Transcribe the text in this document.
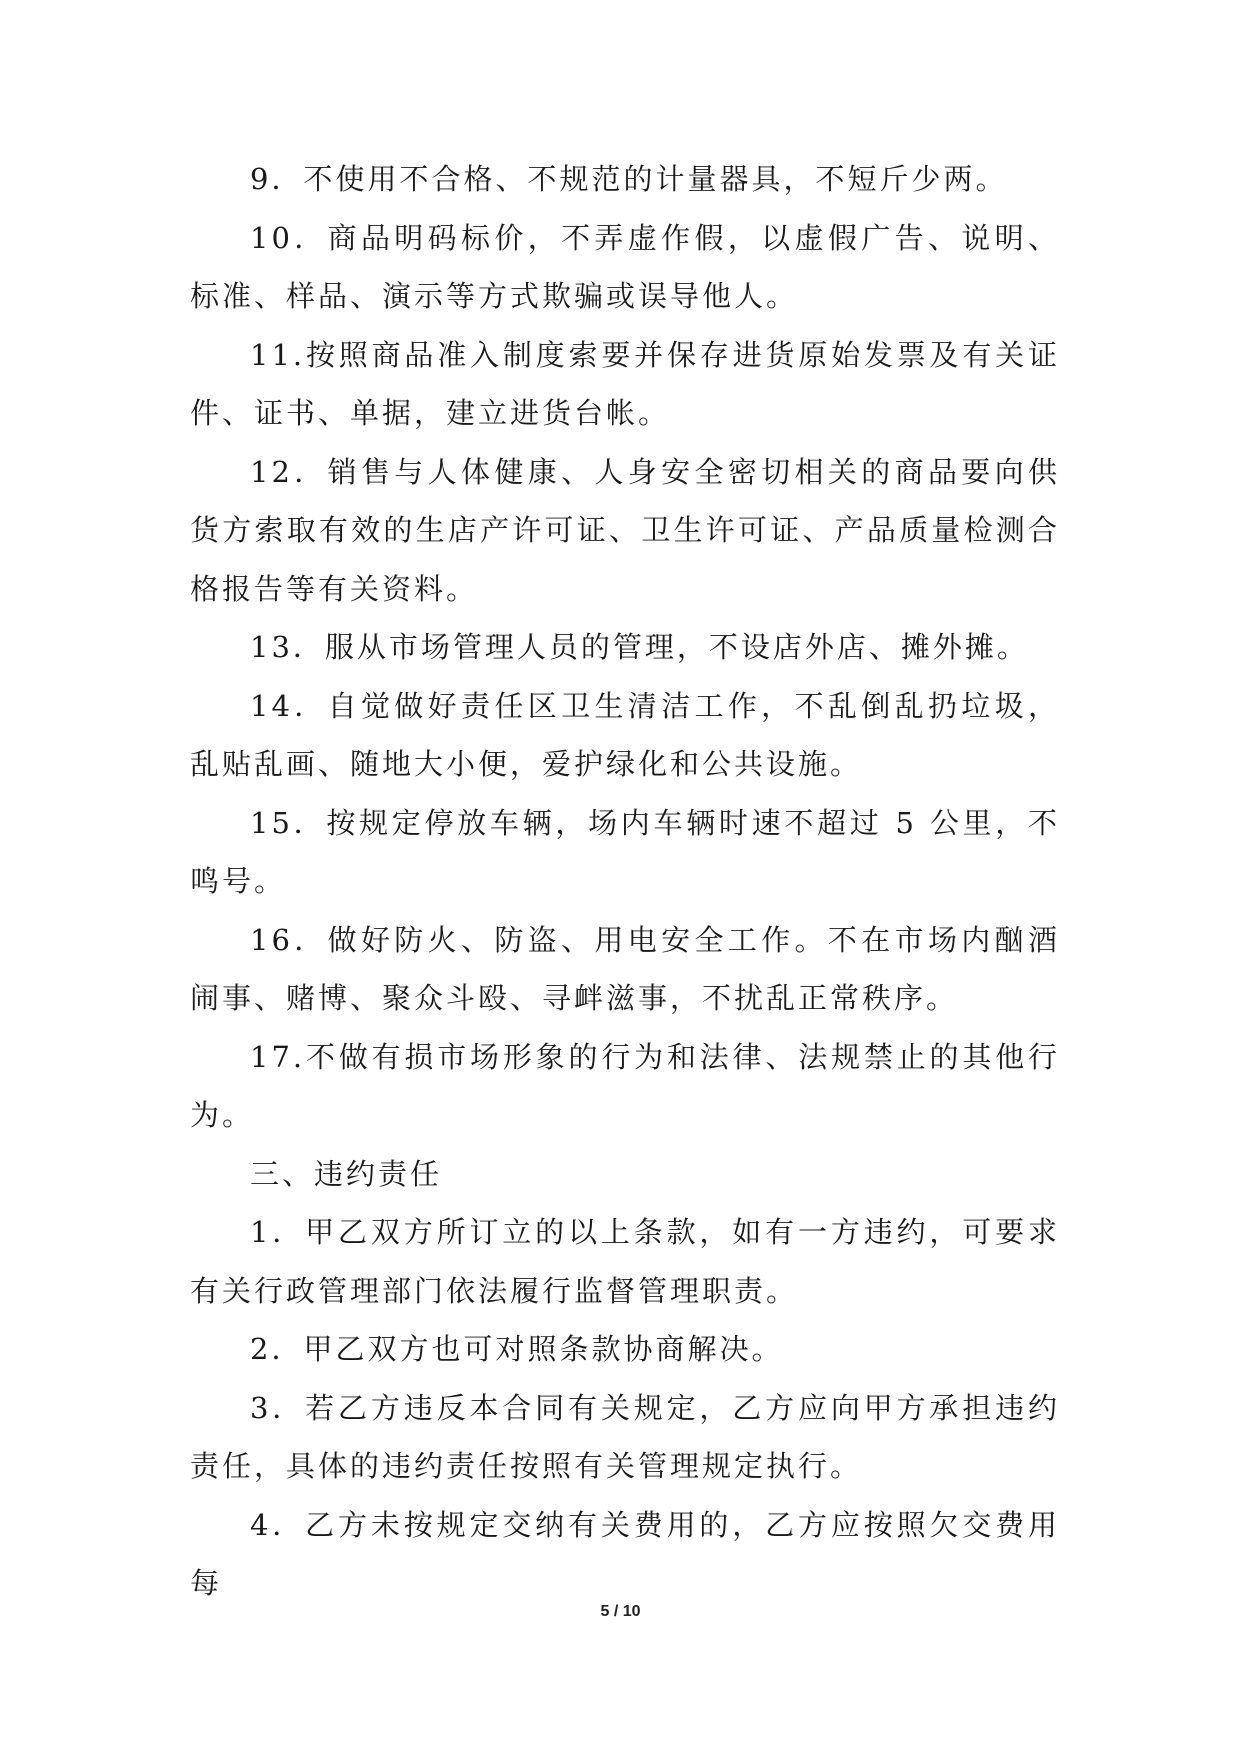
9．不使用不合格、不规范的计量器具，不短斤少两。

10．商品明码标价，不弄虚作假，以虚假广告、说明、标准、样品、演示等方式欺骗或误导他人。

11.按照商品准入制度索要并保存进货原始发票及有关证件、证书、单据，建立进货台帐。

12．销售与人体健康、人身安全密切相关的商品要向供货方索取有效的生店产许可证、卫生许可证、产品质量检测合格报告等有关资料。

13．服从市场管理人员的管理，不设店外店、摊外摊。

14．自觉做好责任区卫生清洁工作，不乱倒乱扔垃圾，乱贴乱画、随地大小便，爱护绿化和公共设施。

15．按规定停放车辆，场内车辆时速不超过 5 公里，不鸣号。

16．做好防火、防盗、用电安全工作。不在市场内酗酒闹事、赌博、聚众斗殴、寻衅滋事，不扰乱正常秩序。

17.不做有损市场形象的行为和法律、法规禁止的其他行为。

三、违约责任

1．甲乙双方所订立的以上条款，如有一方违约，可要求有关行政管理部门依法履行监督管理职责。

2．甲乙双方也可对照条款协商解决。

3．若乙方违反本合同有关规定，乙方应向甲方承担违约责任，具体的违约责任按照有关管理规定执行。

4．乙方未按规定交纳有关费用的，乙方应按照欠交费用每

5 / 10
